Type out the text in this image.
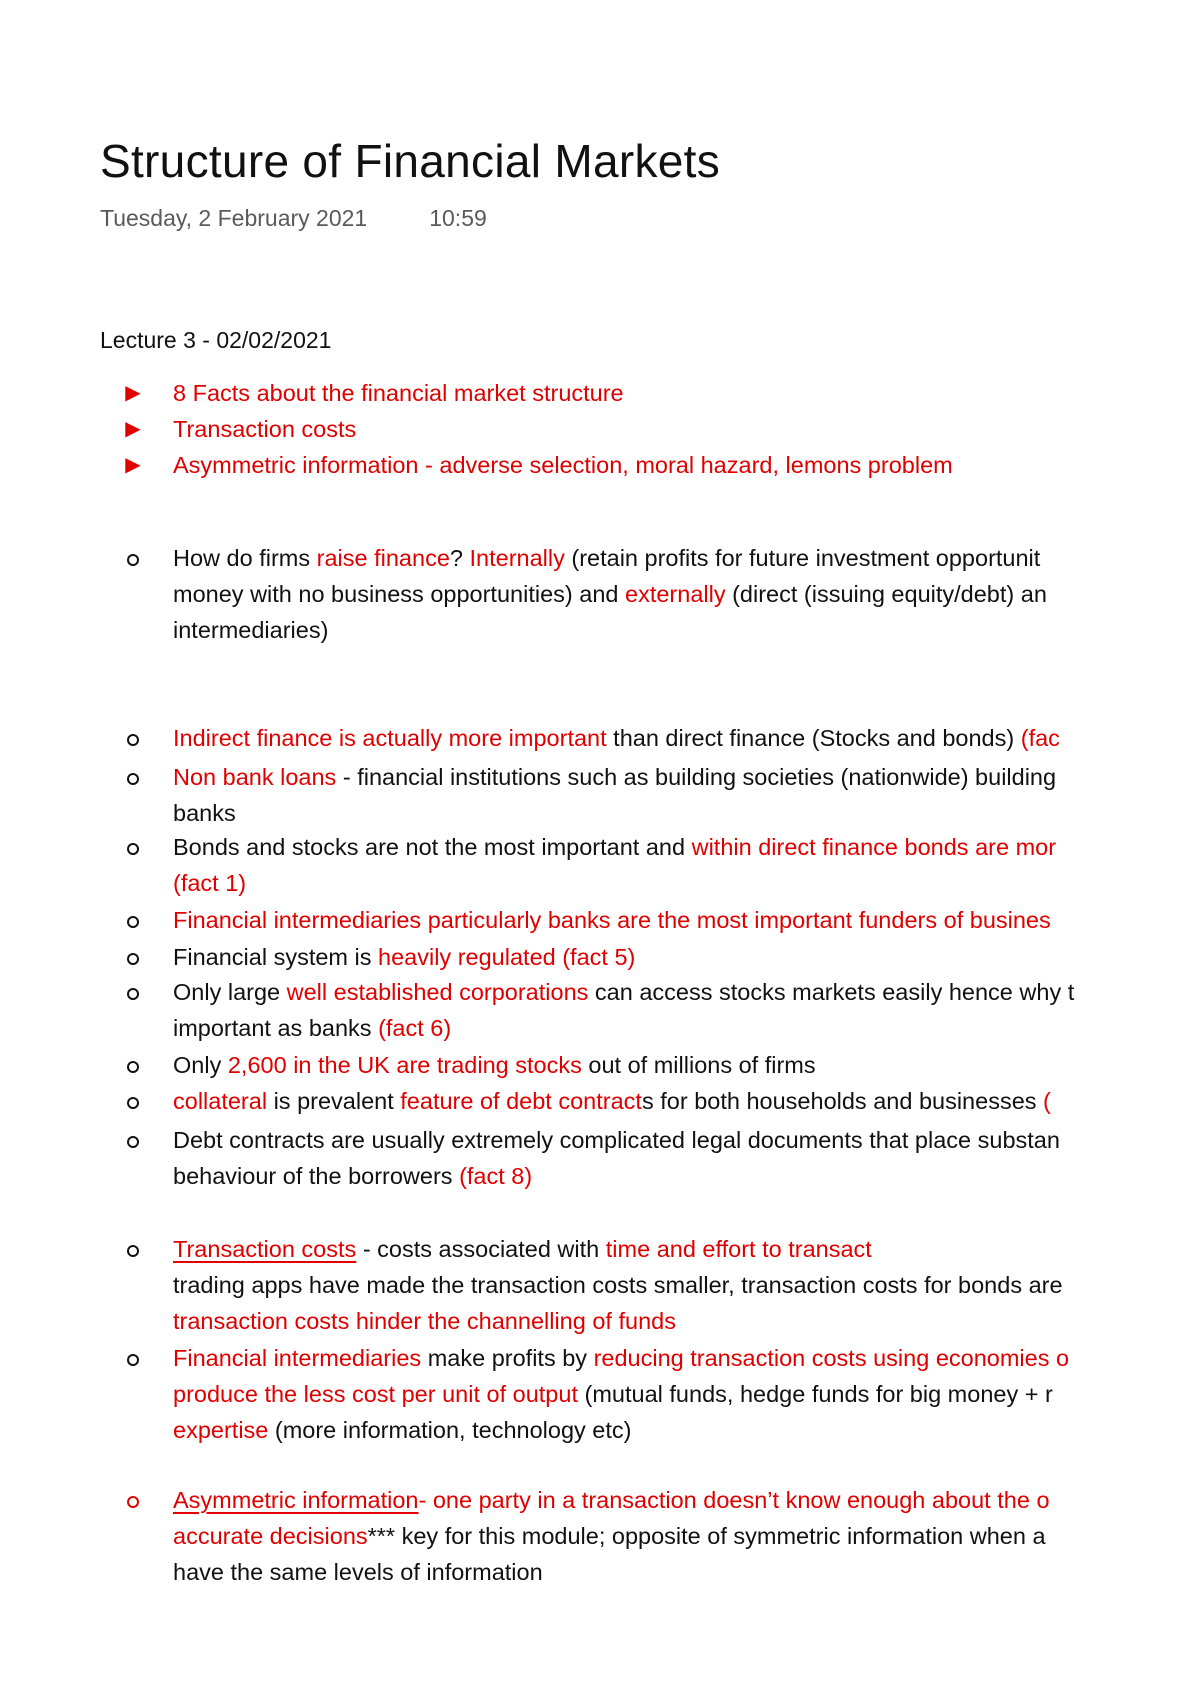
Structure of Financial Markets
Tuesday, 2 February 2021	10:59
Lecture 3 - 02/02/2021
▶	8 Facts about the financial market structure
▶	Transaction costs
▶	Asymmetric information - adverse selection, moral hazard, lemons problem
How do firms raise finance? Internally (retain profits for future investment opportunit
money with no business opportunities) and externally (direct (issuing equity/debt) an
intermediaries)
Indirect finance is actually more important than direct finance (Stocks and bonds) (fac
Non bank loans - financial institutions such as building societies (nationwide) building
banks
Bonds and stocks are not the most important and within direct finance bonds are mor
(fact 1)
Financial intermediaries particularly banks are the most important funders of busines
Financial system is heavily regulated (fact 5)
Only large well established corporations can access stocks markets easily hence why t
important as banks (fact 6)
Only 2,600 in the UK are trading stocks out of millions of firms
collateral is prevalent feature of debt contracts for both households and businesses (
Debt contracts are usually extremely complicated legal documents that place substan
behaviour of the borrowers (fact 8)
Transaction costs - costs associated with time and effort to transact
trading apps have made the transaction costs smaller, transaction costs for bonds are
transaction costs hinder the channelling of funds
Financial intermediaries make profits by reducing transaction costs using economies o
produce the less cost per unit of output (mutual funds, hedge funds for big money + r
expertise (more information, technology etc)
Asymmetric information- one party in a transaction doesn’t know enough about the o
accurate decisions*** key for this module; opposite of symmetric information when a
have the same levels of information
